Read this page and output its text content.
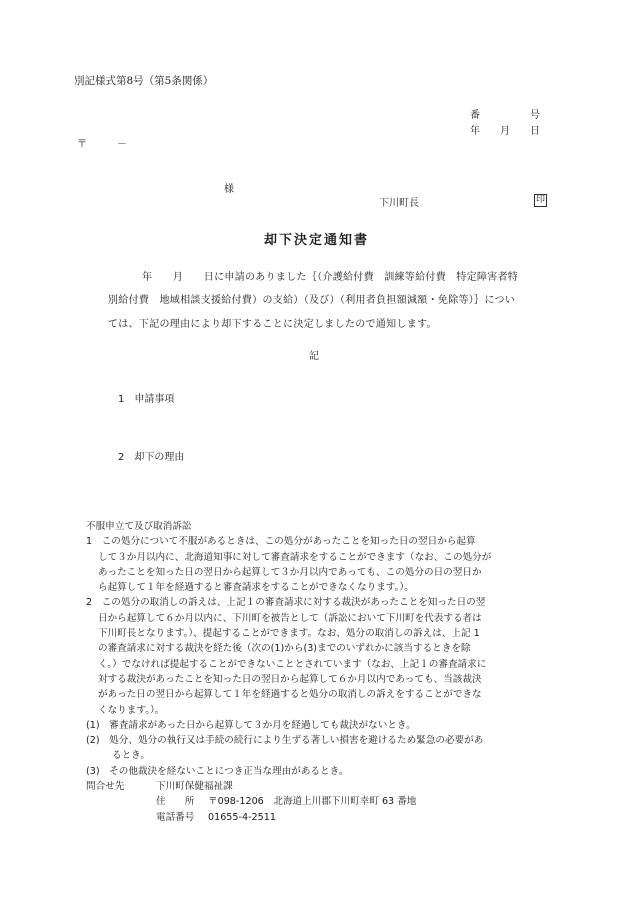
別記様式第8号（第5条関係）
番　　　　　号
年　　月　　日
〒　　　－
様
下川町長	印
却下決定通知書
年　　月　　日に申請のありました｛（介護給付費　訓練等給付費　特定障害者特
別給付費　地域相談支援給付費）の支給）（及び）（利用者負担額減額・免除等）｝につい
ては、下記の理由により却下することに決定しましたので通知します。
記
1　申請事項
2　却下の理由
不服申立て及び取消訴訟
1　この処分について不服があるときは、この処分があったことを知った日の翌日から起算
して３か月以内に、北海道知事に対して審査請求をすることができます（なお、この処分が
あったことを知った日の翌日から起算して３か月以内であっても、この処分の日の翌日か
ら起算して１年を経過すると審査請求をすることができなくなります。）。
2　この処分の取消しの訴えは、上記１の審査請求に対する裁決があったことを知った日の翌
日から起算して６か月以内に、下川町を被告として（訴訟において下川町を代表する者は
下川町長となります。）、提起することができます。なお、処分の取消しの訴えは、上記 1
の審査請求に対する裁決を経た後（次の(1)から(3)までのいずれかに該当するときを除
く。）でなければ提起することができないこととされています（なお、上記１の審査請求に
対する裁決があったことを知った日の翌日から起算して６か月以内であっても、当該裁決
があった日の翌日から起算して１年を経過すると処分の取消しの訴えをすることができな
くなります。）。
(1)　審査請求があった日から起算して３か月を経過しても裁決がないとき。
(2)　処分、処分の執行又は手続の続行により生ずる著しい損害を避けるため緊急の必要があ
るとき。
(3)　その他裁決を経ないことにつき正当な理由があるとき。
問合せ先	下川町保健福祉課
住　　所 〒098-1206　北海道上川郡下川町幸町 63 番地
電話番号 01655-4-2511
